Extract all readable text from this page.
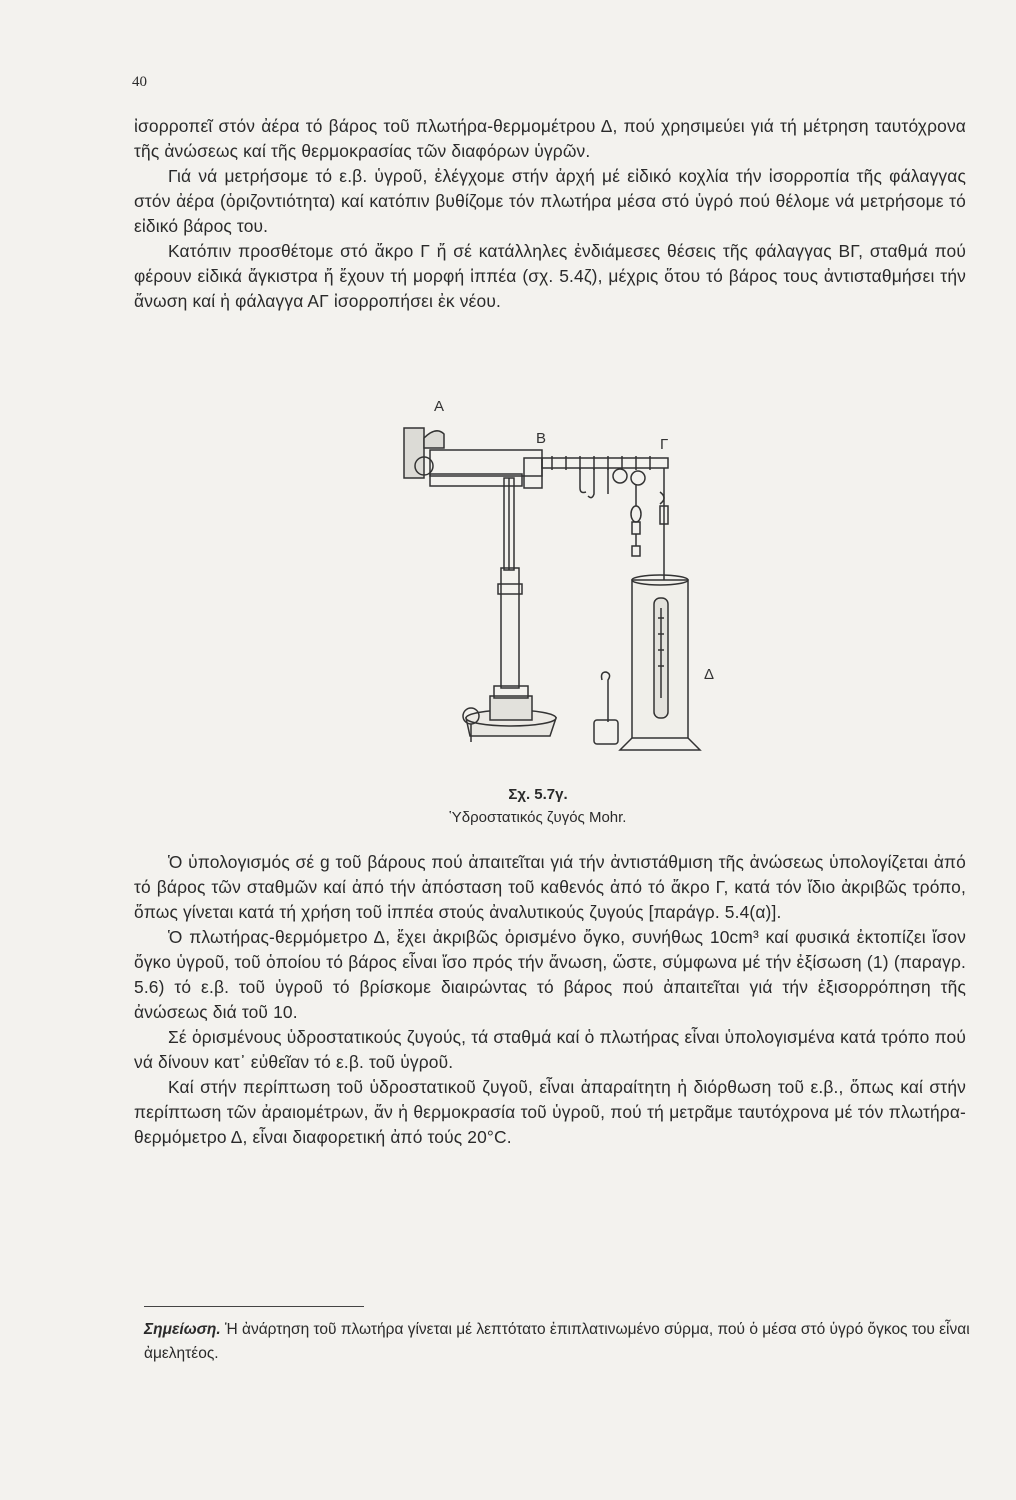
40

ἰσορροπεῖ στόν ἀέρα τό βάρος τοῦ πλωτήρα-θερμομέτρου Δ, πού χρησιμεύει γιά τή μέτρηση ταυτόχρονα τῆς ἀνώσεως καί τῆς θερμοκρασίας τῶν διαφόρων ὑγρῶν.

Γιά νά μετρήσομε τό ε.β. ὑγροῦ, ἐλέγχομε στήν ἀρχή μέ εἰδικό κοχλία τήν ἰσορροπία τῆς φάλαγγας στόν ἀέρα (ὁριζοντιότητα) καί κατόπιν βυθίζομε τόν πλωτήρα μέσα στό ὑγρό πού θέλομε νά μετρήσομε τό εἰδικό βάρος του.

Κατόπιν προσθέτομε στό ἄκρο Γ ἤ σέ κατάλληλες ἐνδιάμεσες θέσεις τῆς φάλαγγας ΒΓ, σταθμά πού φέρουν εἰδικά ἄγκιστρα ἤ ἔχουν τή μορφή ἱππέα (σχ. 5.4ζ), μέχρις ὅτου τό βάρος τους ἀντισταθμήσει τήν ἄνωση καί ἡ φάλαγγα ΑΓ ἰσορροπήσει ἐκ νέου.

Α
Β	Γ
Δ
Σχ. 5.7γ.
Ὑδροστατικός ζυγός Mohr.

Ὁ ὑπολογισμός σέ g τοῦ βάρους πού ἀπαιτεῖται γιά τήν ἀντιστάθμιση τῆς ἀνώσεως ὑπολογίζεται ἀπό τό βάρος τῶν σταθμῶν καί ἀπό τήν ἀπόσταση τοῦ καθενός ἀπό τό ἄκρο Γ, κατά τόν ἴδιο ἀκριβῶς τρόπο, ὅπως γίνεται κατά τή χρήση τοῦ ἱππέα στούς ἀναλυτικούς ζυγούς [παράγρ. 5.4(α)].

Ὁ πλωτήρας-θερμόμετρο Δ, ἔχει ἀκριβῶς ὁρισμένο ὄγκο, συνήθως 10cm³ καί φυσικά ἐκτοπίζει ἴσον ὄγκο ὑγροῦ, τοῦ ὁποίου τό βάρος εἶναι ἴσο πρός τήν ἄνωση, ὥστε, σύμφωνα μέ τήν ἐξίσωση (1) (παραγρ. 5.6) τό ε.β. τοῦ ὑγροῦ τό βρίσκομε διαιρώντας τό βάρος πού ἀπαιτεῖται γιά τήν ἐξισορρόπηση τῆς ἀνώσεως διά τοῦ 10.

Σέ ὁρισμένους ὑδροστατικούς ζυγούς, τά σταθμά καί ὁ πλωτήρας εἶναι ὑπολογισμένα κατά τρόπο πού νά δίνουν κατ᾽ εὐθεῖαν τό ε.β. τοῦ ὑγροῦ.

Καί στήν περίπτωση τοῦ ὑδροστατικοῦ ζυγοῦ, εἶναι ἀπαραίτητη ἡ διόρθωση τοῦ ε.β., ὅπως καί στήν περίπτωση τῶν ἀραιομέτρων, ἄν ἡ θερμοκρασία τοῦ ὑγροῦ, πού τή μετρᾶμε ταυτόχρονα μέ τόν πλωτήρα-θερμόμετρο Δ, εἶναι διαφορετική ἀπό τούς 20°C.

Σημείωση. Ἡ ἀνάρτηση τοῦ πλωτήρα γίνεται μέ λεπτότατο ἐπιπλατινωμένο σύρμα, πού ὁ μέσα στό ὑγρό ὄγκος του εἶναι ἀμελητέος.
